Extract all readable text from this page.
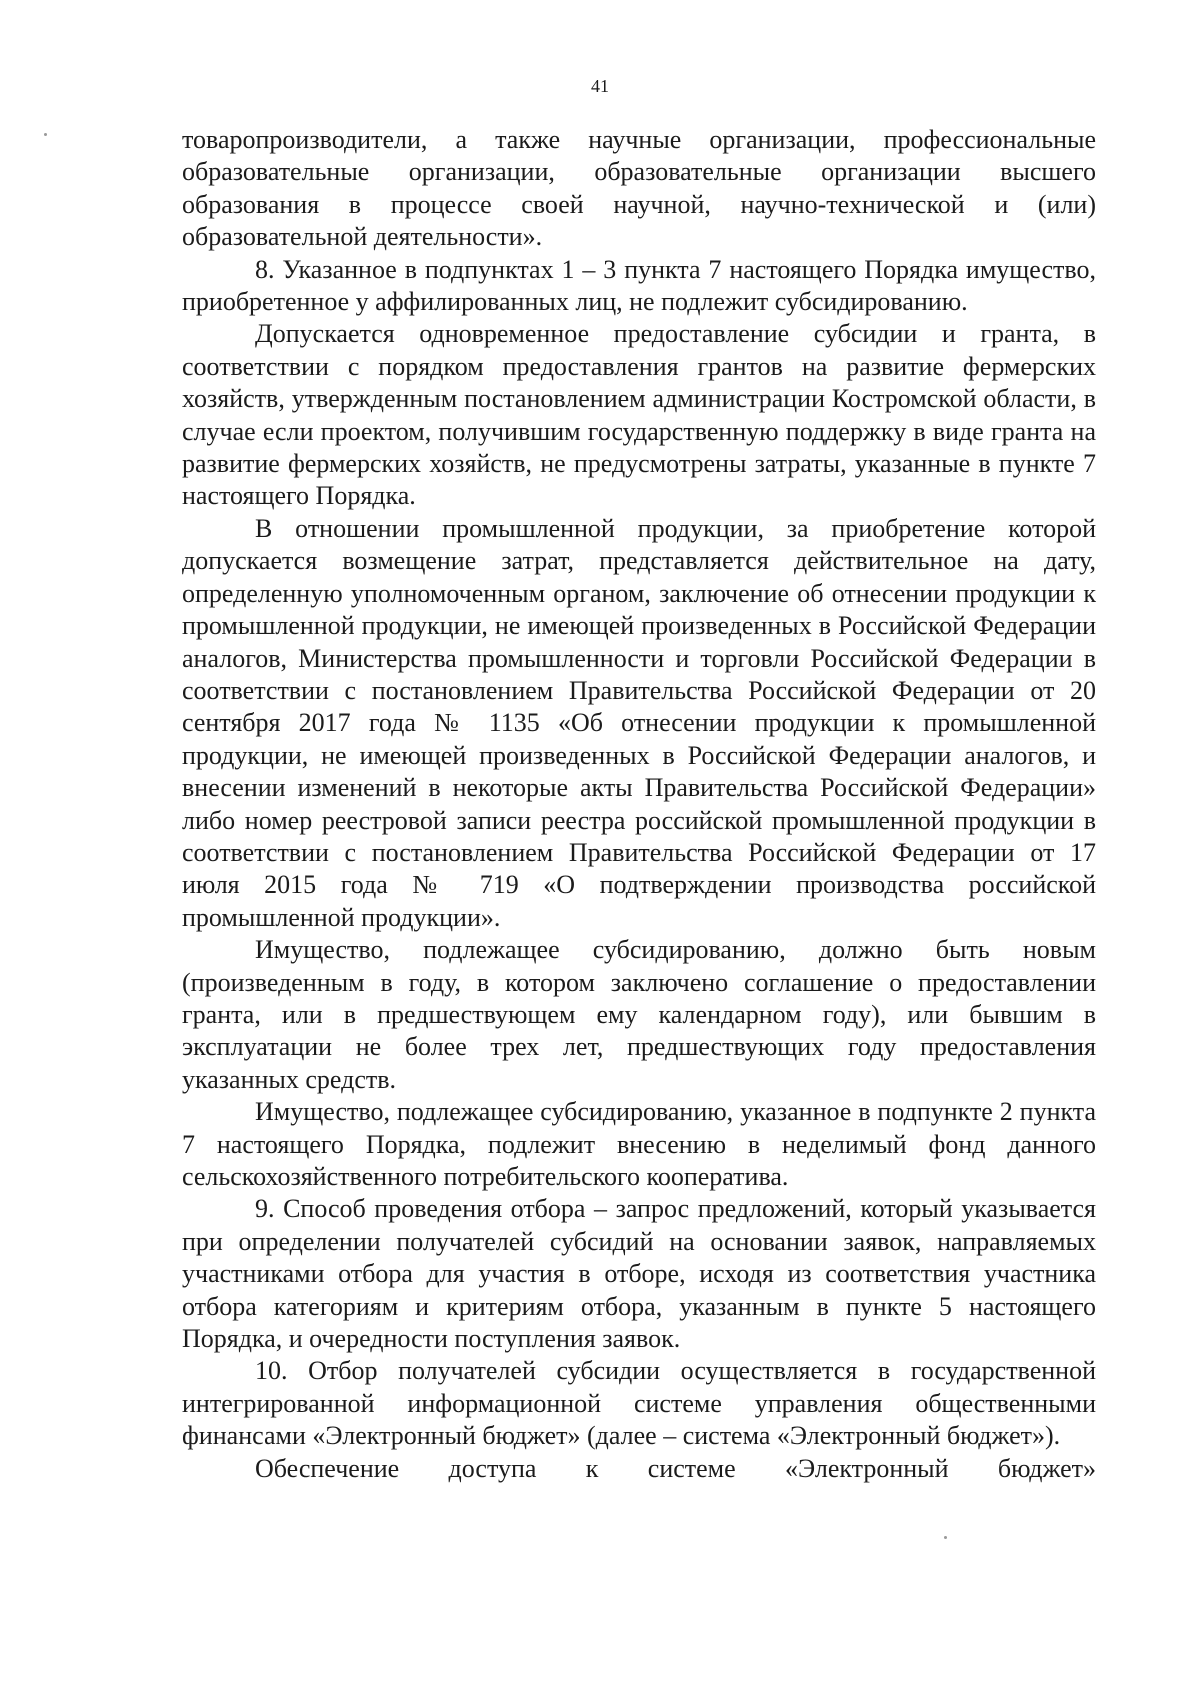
41

товаропроизводители, а также научные организации, профессиональные образовательные организации, образовательные организации высшего образования в процессе своей научной, научно-технической и (или) образовательной деятельности».

8. Указанное в подпунктах 1 – 3 пункта 7 настоящего Порядка имущество, приобретенное у аффилированных лиц, не подлежит субсидированию.

Допускается одновременное предоставление субсидии и гранта, в соответствии с порядком предоставления грантов на развитие фермерских хозяйств, утвержденным постановлением администрации Костромской области, в случае если проектом, получившим государственную поддержку в виде гранта на развитие фермерских хозяйств, не предусмотрены затраты, указанные в пункте 7 настоящего Порядка.

В отношении промышленной продукции, за приобретение которой допускается возмещение затрат, представляется действительное на дату, определенную уполномоченным органом, заключение об отнесении продукции к промышленной продукции, не имеющей произведенных в Российской Федерации аналогов, Министерства промышленности и торговли Российской Федерации в соответствии с постановлением Правительства Российской Федерации от 20 сентября 2017 года № 1135 «Об отнесении продукции к промышленной продукции, не имеющей произведенных в Российской Федерации аналогов, и внесении изменений в некоторые акты Правительства Российской Федерации» либо номер реестровой записи реестра российской промышленной продукции в соответствии с постановлением Правительства Российской Федерации от 17 июля 2015 года № 719 «О подтверждении производства российской промышленной продукции».

Имущество, подлежащее субсидированию, должно быть новым (произведенным в году, в котором заключено соглашение о предоставлении гранта, или в предшествующем ему календарном году), или бывшим в эксплуатации не более трех лет, предшествующих году предоставления указанных средств.

Имущество, подлежащее субсидированию, указанное в подпункте 2 пункта 7 настоящего Порядка, подлежит внесению в неделимый фонд данного сельскохозяйственного потребительского кооператива.

9. Способ проведения отбора – запрос предложений, который указывается при определении получателей субсидий на основании заявок, направляемых участниками отбора для участия в отборе, исходя из соответствия участника отбора категориям и критериям отбора, указанным в пункте 5 настоящего Порядка, и очередности поступления заявок.

10. Отбор получателей субсидии осуществляется в государственной интегрированной информационной системе управления общественными финансами «Электронный бюджет» (далее – система «Электронный бюджет»).

Обеспечение доступа к системе «Электронный бюджет»
